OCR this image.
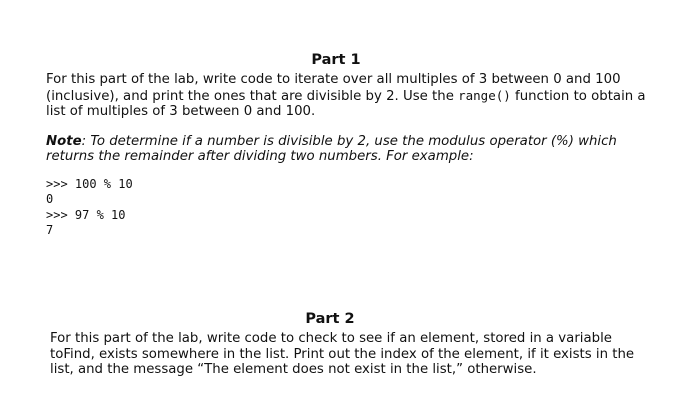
Part 1

For this part of the lab, write code to iterate over all multiples of 3 between 0 and 100 (inclusive), and print the ones that are divisible by 2. Use the range() function to obtain a list of multiples of 3 between 0 and 100.

Note: To determine if a number is divisible by 2, use the modulus operator (%) which returns the remainder after dividing two numbers. For example:

>>> 100 % 10
0
>>> 97 % 10
7
Part 2

For this part of the lab, write code to check to see if an element, stored in a variable toFind, exists somewhere in the list. Print out the index of the element, if it exists in the list, and the message “The element does not exist in the list,” otherwise.
